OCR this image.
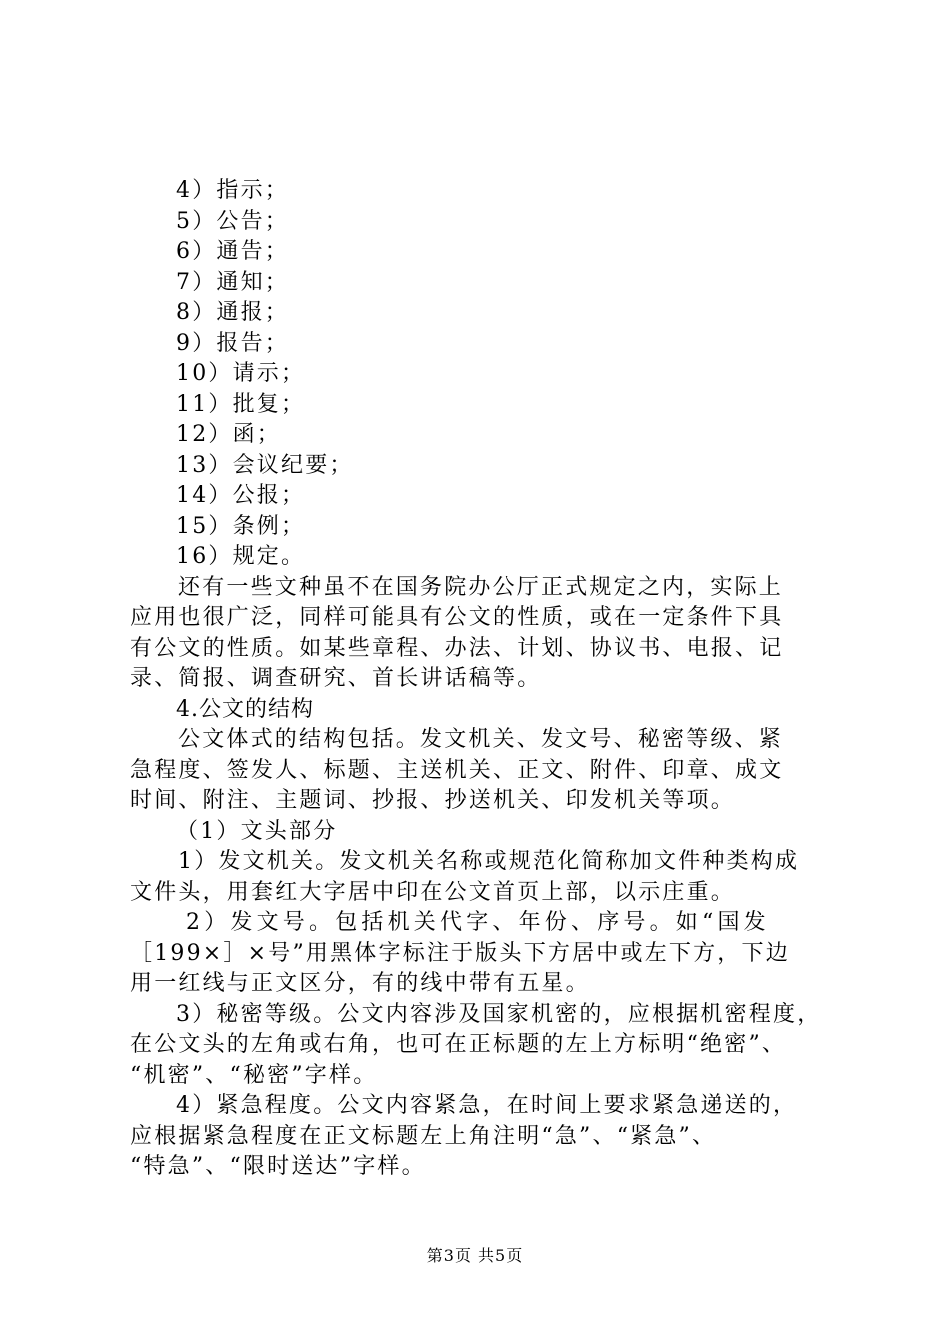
4）指示；
5）公告；
6）通告；
7）通知；
8）通报；
9）报告；
10）请示；
11）批复；
12）函；
13）会议纪要；
14）公报；
15）条例；
16）规定。
还有一些文种虽不在国务院办公厅正式规定之内，实际上
应用也很广泛，同样可能具有公文的性质，或在一定条件下具
有公文的性质。如某些章程、办法、计划、协议书、电报、记
录、简报、调查研究、首长讲话稿等。
4.公文的结构
公文体式的结构包括。发文机关、发文号、秘密等级、紧
急程度、签发人、标题、主送机关、正文、附件、印章、成文
时间、附注、主题词、抄报、抄送机关、印发机关等项。
（1）文头部分
1）发文机关。发文机关名称或规范化简称加文件种类构成
文件头，用套红大字居中印在公文首页上部，以示庄重。
2）发文号。包括机关代字、年份、序号。如“国发
［199×］×号”用黑体字标注于版头下方居中或左下方，下边
用一红线与正文区分，有的线中带有五星。
3）秘密等级。公文内容涉及国家机密的，应根据机密程度，
在公文头的左角或右角，也可在正标题的左上方标明“绝密”、
“机密”、“秘密”字样。
4）紧急程度。公文内容紧急，在时间上要求紧急递送的，
应根据紧急程度在正文标题左上角注明“急”、“紧急”、
“特急”、“限时送达”字样。
第3页 共5页
